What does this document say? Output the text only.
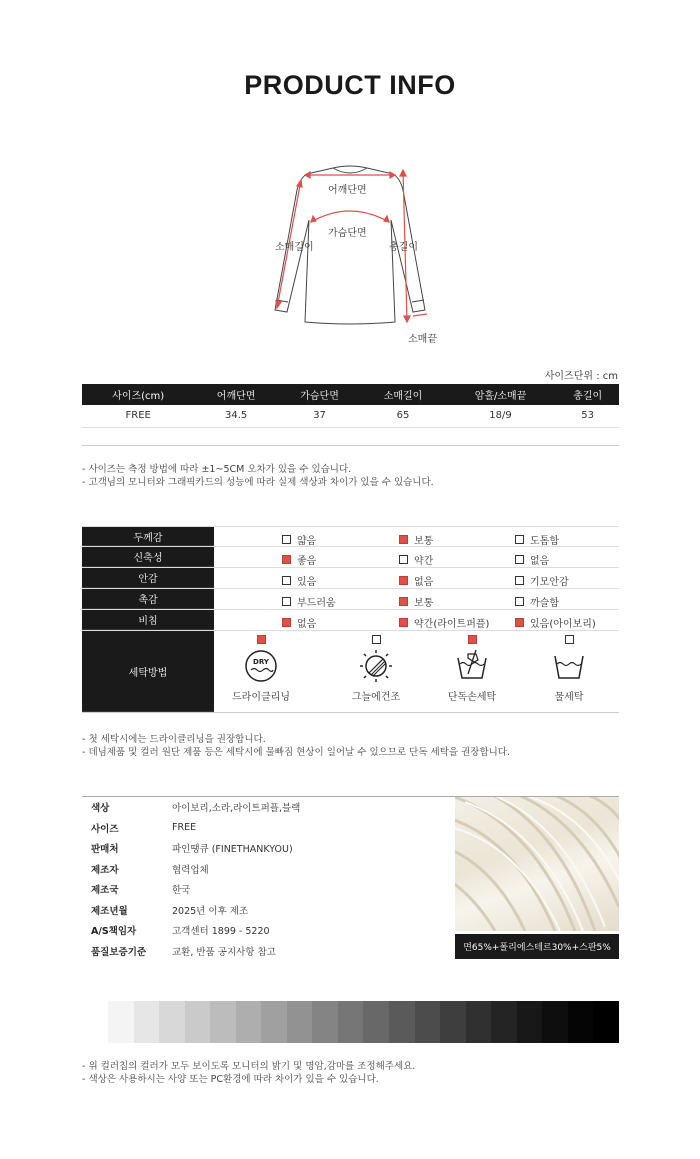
PRODUCT INFO
어깨단면
가슴단면
소매길이	총길이
소매끝
사이즈단위 : cm
사이즈(cm)	어깨단면	가슴단면	소매길이	암홀/소매끝	총길이
FREE	34.5	37	65	18/9	53
- 사이즈는 측정 방법에 따라 ±1~5CM 오차가 있을 수 있습니다.
- 고객님의 모니터와 그래픽카드의 성능에 따라 실제 색상과 차이가 있을 수 있습니다.
두께감	얇음	보통	도톰함
신축성	좋음	약간	없음
안감	있음	없음	기모안감
촉감	부드러움	보통	까슬함
비침	없음	약간(라이트퍼플)	있음(아이보리)
세탁방법
DRY
드라이클리닝	그늘에건조	단독손세탁	물세탁
- 첫 세탁시에는 드라이클리닝을 권장합니다.
- 데님제품 및 컬러 원단 제품 등은 세탁시에 물빠짐 현상이 일어날 수 있으므로 단독 세탁을 권장합니다.
색상	아이보리,소라,라이트퍼플,블랙
사이즈	FREE
판매처	파인땡큐 (FINETHANKYOU)
제조자	협력업체
제조국	한국
제조년월	2025년 이후 제조
A/S책임자	고객센터 1899 - 5220
품질보증기준	교환, 반품 공지사항 참고	면65%+폴리에스테르30%+스판5%
- 위 컬러칩의 컬러가 모두 보이도록 모니터의 밝기 및 명암,감마를 조정해주세요.
- 색상은 사용하시는 사양 또는 PC환경에 따라 차이가 있을 수 있습니다.
